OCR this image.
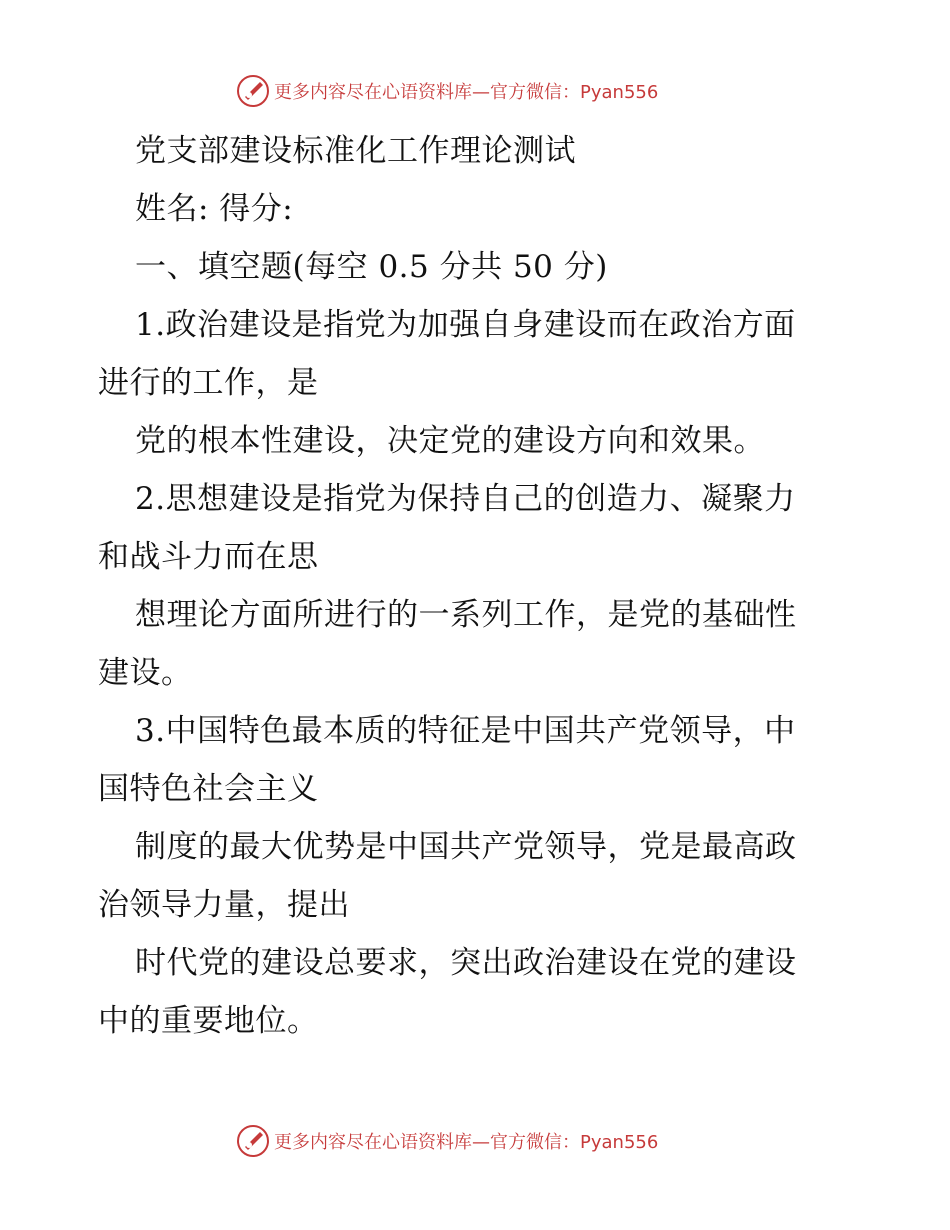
更多内容尽在心语资料库—官方微信：Pyan556
党支部建设标准化工作理论测试
姓名: 得分:
一、填空题(每空 0.5 分共 50 分)
1.政治建设是指党为加强自身建设而在政治方面
进行的工作，是
党的根本性建设，决定党的建设方向和效果。
2.思想建设是指党为保持自己的创造力、凝聚力
和战斗力而在思
想理论方面所进行的一系列工作，是党的基础性
建设。
3.中国特色最本质的特征是中国共产党领导，中
国特色社会主义
制度的最大优势是中国共产党领导，党是最高政
治领导力量，提出
时代党的建设总要求，突出政治建设在党的建设
中的重要地位。
更多内容尽在心语资料库—官方微信：Pyan556
